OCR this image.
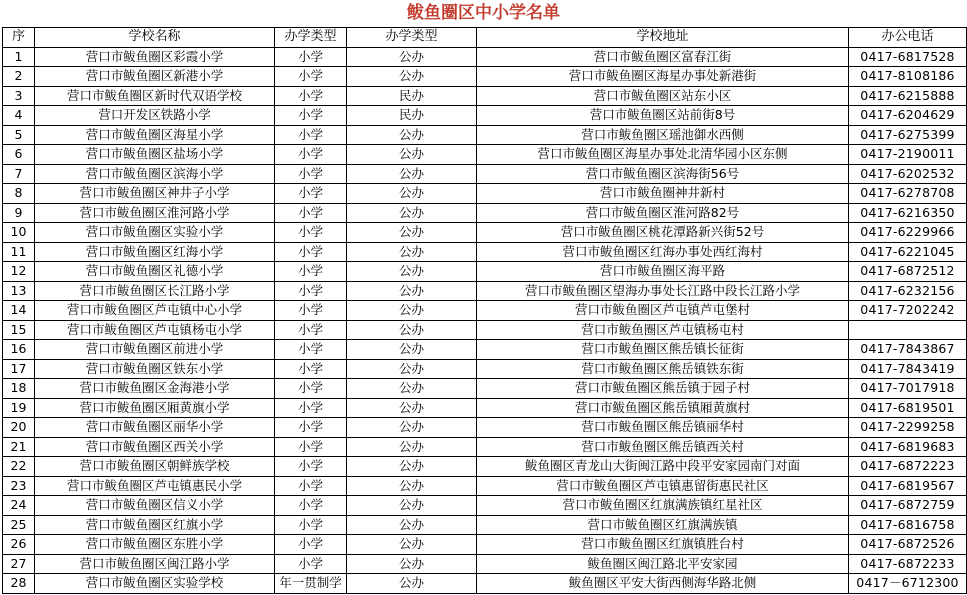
鲅鱼圈区中小学名单
序	学校名称	办学类型	办学类型	学校地址	办公电话
1	营口市鲅鱼圈区彩霞小学	小学	公办	营口市鲅鱼圈区富春江街	0417-6817528
2	营口市鲅鱼圈区新港小学	小学	公办	营口市鲅鱼圈区海星办事处新港街	0417-8108186
3	营口市鲅鱼圈区新时代双语学校	小学	民办	营口市鲅鱼圈区站东小区	0417-6215888
4	营口开发区铁路小学	小学	民办	营口市鲅鱼圈区站前街8号	0417-6204629
5	营口市鲅鱼圈区海星小学	小学	公办	营口市鲅鱼圈区瑶池御水西侧	0417-6275399
6	营口市鲅鱼圈区盐场小学	小学	公办	营口市鲅鱼圈区海星办事处北清华园小区东侧	0417-2190011
7	营口市鲅鱼圈区滨海小学	小学	公办	营口市鲅鱼圈区滨海街56号	0417-6202532
8	营口市鲅鱼圈区神井子小学	小学	公办	营口市鲅鱼圈神井新村	0417-6278708
9	营口市鲅鱼圈区淮河路小学	小学	公办	营口市鲅鱼圈区淮河路82号	0417-6216350
10	营口市鲅鱼圈区实验小学	小学	公办	营口市鲅鱼圈区桃花潭路新兴街52号	0417-6229966
11	营口市鲅鱼圈区红海小学	小学	公办	营口市鲅鱼圈区红海办事处西红海村	0417-6221045
12	营口市鲅鱼圈区礼德小学	小学	公办	营口市鲅鱼圈区海平路	0417-6872512
13	营口市鲅鱼圈区长江路小学	小学	公办	营口市鲅鱼圈区望海办事处长江路中段长江路小学	0417-6232156
14	营口市鲅鱼圈区芦屯镇中心小学	小学	公办	营口市鲅鱼圈区芦屯镇芦屯堡村	0417-7202242
15	营口市鲅鱼圈区芦屯镇杨屯小学	小学	公办	营口市鲅鱼圈区芦屯镇杨屯村	
16	营口市鲅鱼圈区前进小学	小学	公办	营口市鲅鱼圈区熊岳镇长征街	0417-7843867
17	营口市鲅鱼圈区铁东小学	小学	公办	营口市鲅鱼圈区熊岳镇铁东街	0417-7843419
18	营口市鲅鱼圈区金海港小学	小学	公办	营口市鲅鱼圈区熊岳镇于园子村	0417-7017918
19	营口市鲅鱼圈区厢黄旗小学	小学	公办	营口市鲅鱼圈区熊岳镇厢黄旗村	0417-6819501
20	营口市鲅鱼圈区丽华小学	小学	公办	营口市鲅鱼圈区熊岳镇丽华村	0417-2299258
21	营口市鲅鱼圈区西关小学	小学	公办	营口市鲅鱼圈区熊岳镇西关村	0417-6819683
22	营口市鲅鱼圈区朝鲜族学校	小学	公办	鲅鱼圈区青龙山大街闽江路中段平安家园南门对面	0417-6872223
23	营口市鲅鱼圈区芦屯镇惠民小学	小学	公办	营口市鲅鱼圈区芦屯镇惠留街惠民社区	0417-6819567
24	营口市鲅鱼圈区信义小学	小学	公办	营口市鲅鱼圈区红旗满族镇红星社区	0417-6872759
25	营口市鲅鱼圈区红旗小学	小学	公办	营口市鲅鱼圈区红旗满族镇	0417-6816758
26	营口市鲅鱼圈区东胜小学	小学	公办	营口市鲅鱼圈区红旗镇胜台村	0417-6872526
27	营口市鲅鱼圈区闽江路小学	小学	公办	鲅鱼圈区闽江路北平安家园	0417-6872233
28	营口市鲅鱼圈区实验学校	年一贯制学	公办	鲅鱼圈区平安大街西侧海华路北侧	0417－6712300
